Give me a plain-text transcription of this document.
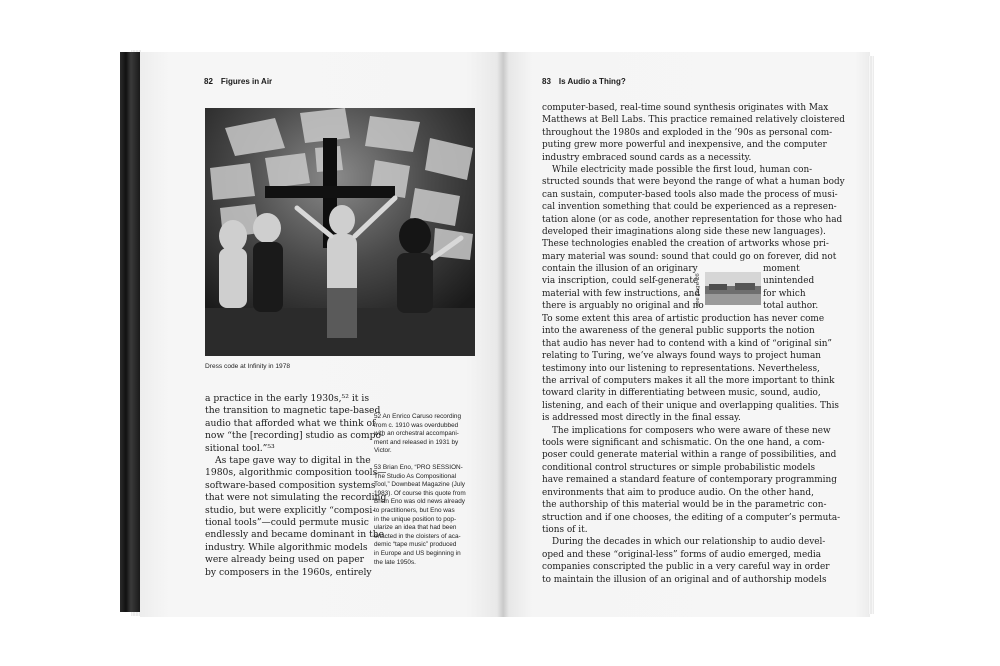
82 Figures in Air	83 Is Audio a Thing?
Dress code at Infinity in 1978
a practice in the early 1930s,⁵² it is
the transition to magnetic tape-based
audio that afforded what we think of
now “the [recording] studio as compo-
sitional tool.”⁵³
As tape gave way to digital in the
1980s, algorithmic composition tools—
software-based composition systems
that were not simulating the recording
studio, but were explicitly “composi-
tional tools”—could permute music
endlessly and became dominant in the
industry. While algorithmic models
were already being used on paper
by composers in the 1960s, entirely
52 An Enrico Caruso recording
from c. 1910 was overdubbed
with an orchestral accompani-
ment and released in 1931 by
Victor.
53 Brian Eno, “PRO SESSION-
The Studio As Compositional
Tool,” Downbeat Magazine (July
1983). Of course this quote from
Brian Eno was old news already
to practitioners, but Eno was
in the unique position to pop-
ularize an idea that had been
enacted in the cloisters of aca-
demic “tape music” produced
in Europe and US beginning in
the late 1950s.
computer-based, real-time sound synthesis originates with Max
Matthews at Bell Labs. This practice remained relatively cloistered
throughout the 1980s and exploded in the ’90s as personal com-
puting grew more powerful and inexpensive, and the computer
industry embraced sound cards as a necessity.
While electricity made possible the first loud, human con-
structed sounds that were beyond the range of what a human body
can sustain, computer-based tools also made the process of musi-
cal invention something that could be experienced as a represen-
tation alone (or as code, another representation for those who had
developed their imaginations along side these new languages).
These technologies enabled the creation of artworks whose pri-
mary material was sound: sound that could go on forever, did not
contain the illusion of an originary
via inscription, could self-generate
material with few instructions, and
there is arguably no original and no
moment
unintended
for which
total author.
see page 26
To some extent this area of artistic production has never come
into the awareness of the general public supports the notion
that audio has never had to contend with a kind of “original sin”
relating to Turing, we’ve always found ways to project human
testimony into our listening to representations. Nevertheless,
the arrival of computers makes it all the more important to think
toward clarity in differentiating between music, sound, audio,
listening, and each of their unique and overlapping qualities. This
is addressed most directly in the final essay.
The implications for composers who were aware of these new
tools were significant and schismatic. On the one hand, a com-
poser could generate material within a range of possibilities, and
conditional control structures or simple probabilistic models
have remained a standard feature of contemporary programming
environments that aim to produce audio. On the other hand,
the authorship of this material would be in the parametric con-
struction and if one chooses, the editing of a computer’s permuta-
tions of it.
During the decades in which our relationship to audio devel-
oped and these “original-less” forms of audio emerged, media
companies conscripted the public in a very careful way in order
to maintain the illusion of an original and of authorship models
